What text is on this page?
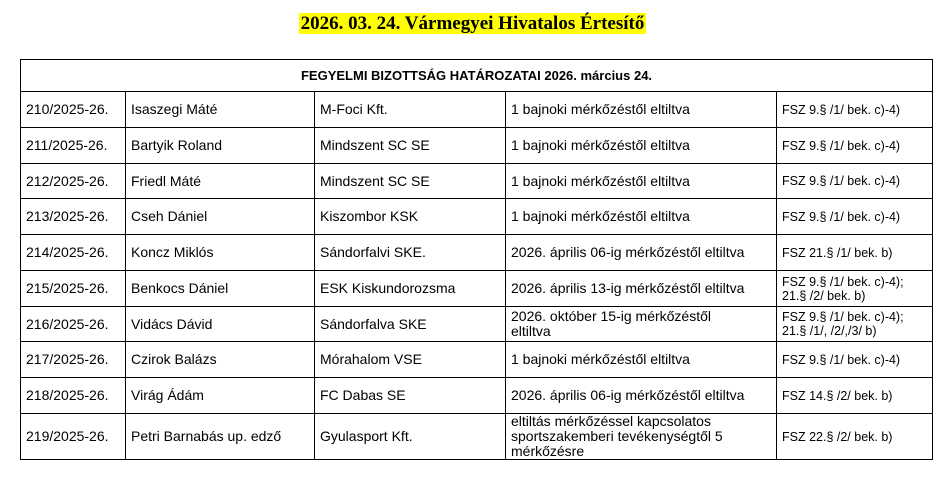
2026. 03. 24. Vármegyei Hivatalos Értesítő
FEGYELMI BIZOTTSÁG HATÁROZATAI 2026. március 24.				
210/2025-26.	Isaszegi Máté	M-Foci Kft.	1 bajnoki mérkőzéstől eltiltva	FSZ 9.§ /1/ bek. c)-4)
211/2025-26.	Bartyik Roland	Mindszent SC SE	1 bajnoki mérkőzéstől eltiltva	FSZ 9.§ /1/ bek. c)-4)
212/2025-26.	Friedl Máté	Mindszent SC SE	1 bajnoki mérkőzéstől eltiltva	FSZ 9.§ /1/ bek. c)-4)
213/2025-26.	Cseh Dániel	Kiszombor KSK	1 bajnoki mérkőzéstől eltiltva	FSZ 9.§ /1/ bek. c)-4)
214/2025-26.	Koncz Miklós	Sándorfalvi SKE.	2026. április 06-ig mérkőzéstől eltiltva	FSZ 21.§ /1/ bek. b)
215/2025-26.	Benkocs Dániel	ESK Kiskundorozsma	2026. április 13-ig mérkőzéstől eltiltva	FSZ 9.§ /1/ bek. c)-4);
21.§ /2/ bek. b)
216/2025-26.	Vidács Dávid	Sándorfalva SKE	2026. október 15-ig mérkőzéstől
eltiltva	FSZ 9.§ /1/ bek. c)-4);
21.§ /1/, /2/,/3/ b)
217/2025-26.	Czirok Balázs	Mórahalom VSE	1 bajnoki mérkőzéstől eltiltva	FSZ 9.§ /1/ bek. c)-4)
218/2025-26.	Virág Ádám	FC Dabas SE	2026. április 06-ig mérkőzéstől eltiltva	FSZ 14.§ /2/ bek. b)
219/2025-26.	Petri Barnabás up. edző	Gyulasport Kft.	eltiltás mérkőzéssel kapcsolatos
sportszakemberi tevékenységtől 5
mérkőzésre	FSZ 22.§ /2/ bek. b)
